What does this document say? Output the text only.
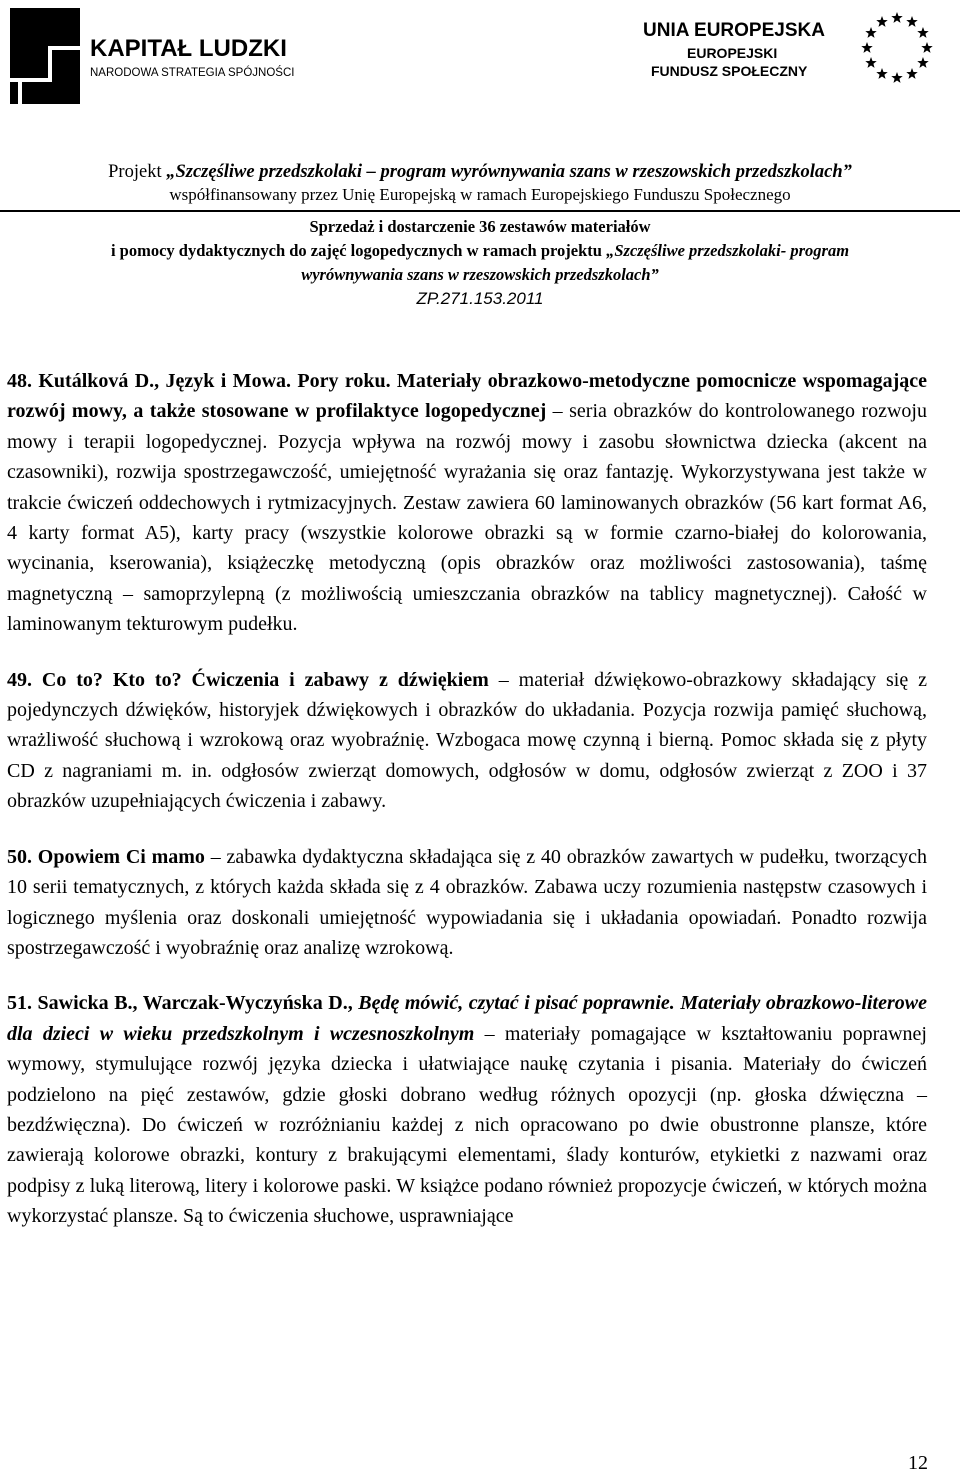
KAPITAŁ LUDZKI
NARODOWA STRATEGIA SPÓJNOŚCI
UNIA EUROPEJSKA
EUROPEJSKI
FUNDUSZ SPOŁECZNY
Projekt „Szczęśliwe przedszkolaki – program wyrównywania szans w rzeszowskich przedszkolach”
współfinansowany przez Unię Europejską w ramach Europejskiego Funduszu Społecznego
Sprzedaż i dostarczenie 36 zestawów materiałów
i pomocy dydaktycznych do zajęć logopedycznych w ramach projektu „Szczęśliwe przedszkolaki- program
wyrównywania szans w rzeszowskich przedszkolach”
ZP.271.153.2011

48. Kutálková D., Język i Mowa. Pory roku. Materiały obrazkowo-metodyczne pomocnicze wspomagające rozwój mowy, a także stosowane w profilaktyce logopedycznej – seria obrazków do kontrolowanego rozwoju mowy i terapii logopedycznej. Pozycja wpływa na rozwój mowy i zasobu słownictwa dziecka (akcent na czasowniki), rozwija spostrzegawczość, umiejętność wyrażania się oraz fantazję. Wykorzystywana jest także w trakcie ćwiczeń oddechowych i rytmizacyjnych. Zestaw zawiera 60 laminowanych obrazków (56 kart format A6, 4 karty format A5), karty pracy (wszystkie kolorowe obrazki są w formie czarno-białej do kolorowania, wycinania, kserowania), książeczkę metodyczną (opis obrazków oraz możliwości zastosowania), taśmę magnetyczną – samoprzylepną (z możliwością umieszczania obrazków na tablicy magnetycznej). Całość w laminowanym tekturowym pudełku.

49. Co to? Kto to? Ćwiczenia i zabawy z dźwiękiem – materiał dźwiękowo-obrazkowy składający się z pojedynczych dźwięków, historyjek dźwiękowych i obrazków do układania. Pozycja rozwija pamięć słuchową, wrażliwość słuchową i wzrokową oraz wyobraźnię. Wzbogaca mowę czynną i bierną. Pomoc składa się z płyty CD z nagraniami m. in. odgłosów zwierząt domowych, odgłosów w domu, odgłosów zwierząt z ZOO i 37 obrazków uzupełniających ćwiczenia i zabawy.

50. Opowiem Ci mamo – zabawka dydaktyczna składająca się z 40 obrazków zawartych w pudełku, tworzących 10 serii tematycznych, z których każda składa się z 4 obrazków. Zabawa uczy rozumienia następstw czasowych i logicznego myślenia oraz doskonali umiejętność wypowiadania się i układania opowiadań. Ponadto rozwija spostrzegawczość i wyobraźnię oraz analizę wzrokową.

51. Sawicka B., Warczak-Wyczyńska D., Będę mówić, czytać i pisać poprawnie. Materiały obrazkowo-literowe dla dzieci w wieku przedszkolnym i wczesnoszkolnym – materiały pomagające w kształtowaniu poprawnej wymowy, stymulujące rozwój języka dziecka i ułatwiające naukę czytania i pisania. Materiały do ćwiczeń podzielono na pięć zestawów, gdzie głoski dobrano według różnych opozycji (np. głoska dźwięczna – bezdźwięczna). Do ćwiczeń w rozróżnianiu każdej z nich opracowano po dwie obustronne plansze, które zawierają kolorowe obrazki, kontury z brakującymi elementami, ślady konturów, etykietki z nazwami oraz podpisy z luką literową, litery i kolorowe paski. W książce podano również propozycje ćwiczeń, w których można wykorzystać plansze. Są to ćwiczenia słuchowe, usprawniające

12
